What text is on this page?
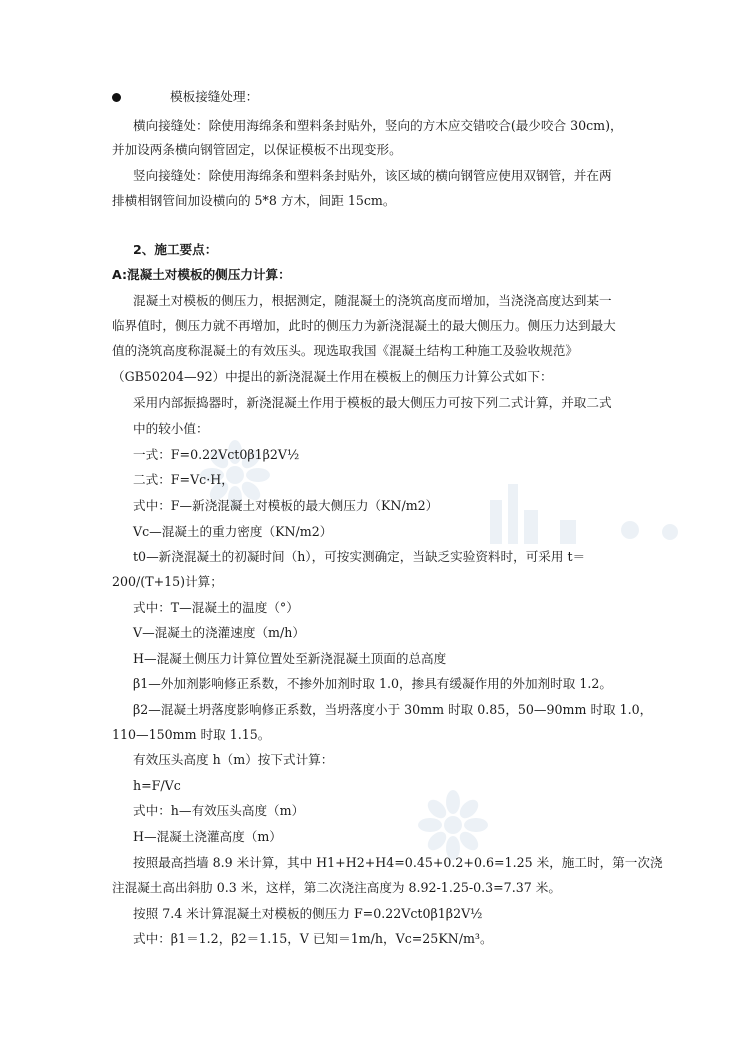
模板接缝处理：
横向接缝处：除使用海绵条和塑料条封贴外，竖向的方木应交错咬合(最少咬合 30cm)，
并加设两条横向钢管固定，以保证模板不出现变形。
竖向接缝处：除使用海绵条和塑料条封贴外，该区域的横向钢管应使用双钢管，并在两
排横相钢管间加设横向的 5*8 方木，间距 15cm。
2、施工要点：
A:混凝土对模板的侧压力计算：
混凝土对模板的侧压力，根据测定，随混凝土的浇筑高度而增加，当浇浇高度达到某一
临界值时，侧压力就不再增加，此时的侧压力为新浇混凝土的最大侧压力。侧压力达到最大
值的浇筑高度称混凝土的有效压头。现选取我国《混凝土结构工种施工及验收规范》
（GB50204—92）中提出的新浇混凝土作用在模板上的侧压力计算公式如下：
采用内部振捣器时，新浇混凝土作用于模板的最大侧压力可按下列二式计算，并取二式
中的较小值：
一式：F=0.22Vct0β1β2V½
二式：F=Vc·H，
式中：F—新浇混凝土对模板的最大侧压力（KN/m2）
Vc—混凝土的重力密度（KN/m2）
t0—新浇混凝土的初凝时间（h），可按实测确定，当缺乏实验资料时，可采用 t＝
200/(T+15)计算；
式中：T—混凝土的温度（°）
V—混凝土的浇灌速度（m/h）
H—混凝土侧压力计算位置处至新浇混凝土顶面的总高度
β1—外加剂影响修正系数，不掺外加剂时取 1.0，掺具有缓凝作用的外加剂时取 1.2。
β2—混凝土坍落度影响修正系数，当坍落度小于 30mm 时取 0.85，50—90mm 时取 1.0，
110—150mm 时取 1.15。
有效压头高度 h（m）按下式计算：
h=F/Vc
式中：h—有效压头高度（m）
H—混凝土浇灌高度（m）
按照最高挡墙 8.9 米计算，其中 H1+H2+H4=0.45+0.2+0.6=1.25 米，施工时，第一次浇
注混凝土高出斜肋 0.3 米，这样，第二次浇注高度为 8.92-1.25-0.3=7.37 米。
按照 7.4 米计算混凝土对模板的侧压力 F=0.22Vct0β1β2V½
式中：β1＝1.2，β2＝1.15，V 已知＝1m/h，Vc=25KN/m³。
